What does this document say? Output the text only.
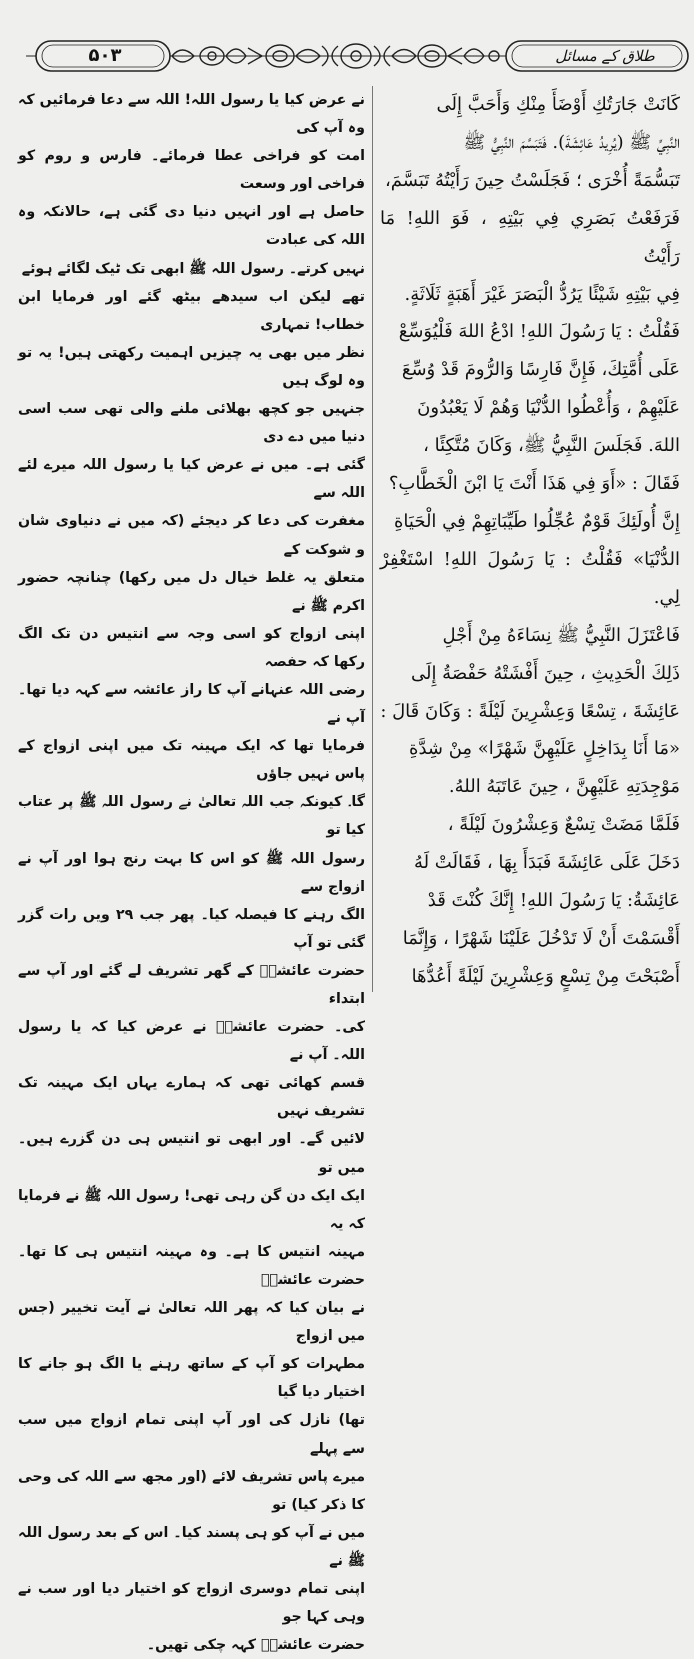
۵۰۳	طلاق کے مسائل

كَانَتْ جَارَتُكِ أَوْضَأَ مِنْكِ وَأَحَبَّ إِلَى

النَّبِيِّ ﷺ (يُرِيدُ عَائِشَةَ). فَتَبَسَّمَ النَّبِيُّ ﷺ

تَبَسُّمَةً أُخْرَى ؛ فَجَلَسْتُ حِينَ رَأَيْتُهُ تَبَسَّمَ،

فَرَفَعْتُ بَصَرِي فِي بَيْتِهِ ، فَوَ اللهِ! مَا رَأَيْتُ

فِي بَيْتِهِ شَيْئًا يَرُدُّ الْبَصَرَ غَيْرَ أَهَبَةٍ ثَلَاثَةٍ.

فَقُلْتُ : يَا رَسُولَ اللهِ! ادْعُ اللهَ فَلْيُوَسِّعْ

عَلَى أُمَّتِكَ، فَإِنَّ فَارِسًا وَالرُّومَ قَدْ وُسِّعَ

عَلَيْهِمْ ، وَأُعْطُوا الدُّنْيَا وَهُمْ لَا يَعْبُدُونَ

اللهَ. فَجَلَسَ النَّبِيُّ ﷺ، وَكَانَ مُتَّكِئًا ،

فَقَالَ : «أَوَ فِي هَذَا أَنْتَ يَا ابْنَ الْخَطَّابِ؟

إِنَّ أُولَئِكَ قَوْمٌ عُجِّلُوا طَيِّبَاتِهِمْ فِي الْحَيَاةِ

الدُّنْيَا» فَقُلْتُ : يَا رَسُولَ اللهِ! اسْتَغْفِرْ لِي.

فَاعْتَزَلَ النَّبِيُّ ﷺ نِسَاءَهُ مِنْ أَجْلِ

ذَلِكَ الْحَدِيثِ ، حِينَ أَفْشَتْهُ حَفْصَةُ إِلَى

عَائِشَةَ ، تِسْعًا وَعِشْرِينَ لَيْلَةً : وَكَانَ قَالَ :

«مَا أَنَا بِدَاخِلٍ عَلَيْهِنَّ شَهْرًا» مِنْ شِدَّةِ

مَوْجِدَتِهِ عَلَيْهِنَّ ، حِينَ عَاتَبَهُ اللهُ.

فَلَمَّا مَضَتْ تِسْعٌ وَعِشْرُونَ لَيْلَةً ،

دَخَلَ عَلَى عَائِشَةَ فَبَدَأَ بِهَا ، فَقَالَتْ لَهُ

عَائِشَةُ: يَا رَسُولَ اللهِ! إِنَّكَ كُنْتَ قَدْ

أَقْسَمْتَ أَنْ لَا تَدْخُلَ عَلَيْنَا شَهْرًا ، وَإِنَّمَا

أَصْبَحْتَ مِنْ تِسْعٍ وَعِشْرِينَ لَيْلَةً أَعُدُّهَا

نے عرض کیا یا رسول اللہ! اللہ سے دعا فرمائیں کہ وہ آپ کی

امت کو فراخی عطا فرمائے۔ فارس و روم کو فراخی اور وسعت

حاصل ہے اور انہیں دنیا دی گئی ہے، حالانکہ وہ اللہ کی عبادت

نہیں کرتے۔ رسول اللہ ﷺ ابھی تک ٹیک لگائے ہوئے

تھے لیکن اب سیدھے بیٹھ گئے اور فرمایا ابن خطاب! تمہاری

نظر میں بھی یہ چیزیں اہمیت رکھتی ہیں! یہ تو وہ لوگ ہیں

جنہیں جو کچھ بھلائی ملنے والی تھی سب اسی دنیا میں دے دی

گئی ہے۔ میں نے عرض کیا یا رسول اللہ میرے لئے اللہ سے

مغفرت کی دعا کر دیجئے (کہ میں نے دنیاوی شان و شوکت کے

متعلق یہ غلط خیال دل میں رکھا) چنانچہ حضور اکرم ﷺ نے

اپنی ازواج کو اسی وجہ سے انتیس دن تک الگ رکھا کہ حفصہ

رضی اللہ عنہانے آپ کا راز عائشہ سے کہہ دیا تھا۔ آپ نے

فرمایا تھا کہ ایک مہینہ تک میں اپنی ازواج کے پاس نہیں جاؤں

گا۔ کیونکہ جب اللہ تعالیٰ نے رسول اللہ ﷺ پر عتاب کیا تو

رسول اللہ ﷺ کو اس کا بہت رنج ہوا اور آپ نے ازواج سے

الگ رہنے کا فیصلہ کیا۔ پھر جب ۲۹ ویں رات گزر گئی تو آپ

حضرت عائشہؓ کے گھر تشریف لے گئے اور آپ سے ابتداء

کی۔ حضرت عائشہؓ نے عرض کیا کہ یا رسول اللہ۔ آپ نے

قسم کھائی تھی کہ ہمارے یہاں ایک مہینہ تک تشریف نہیں

لائیں گے۔ اور ابھی تو انتیس ہی دن گزرے ہیں۔ میں تو

ایک ایک دن گن رہی تھی! رسول اللہ ﷺ نے فرمایا کہ یہ

مہینہ انتیس کا ہے۔ وہ مہینہ انتیس ہی کا تھا۔ حضرت عائشہؓ

نے بیان کیا کہ پھر اللہ تعالیٰ نے آیت تخییر (جس میں ازواج

مطہرات کو آپ کے ساتھ رہنے یا الگ ہو جانے کا اختیار دیا گیا

تھا) نازل کی اور آپ اپنی تمام ازواج میں سب سے پہلے

میرے پاس تشریف لائے (اور مجھ سے اللہ کی وحی کا ذکر کیا) تو

میں نے آپ کو ہی پسند کیا۔ اس کے بعد رسول اللہ ﷺ نے

اپنی تمام دوسری ازواج کو اختیار دیا اور سب نے وہی کہا جو

حضرت عائشہؓ کہہ چکی تھیں۔
